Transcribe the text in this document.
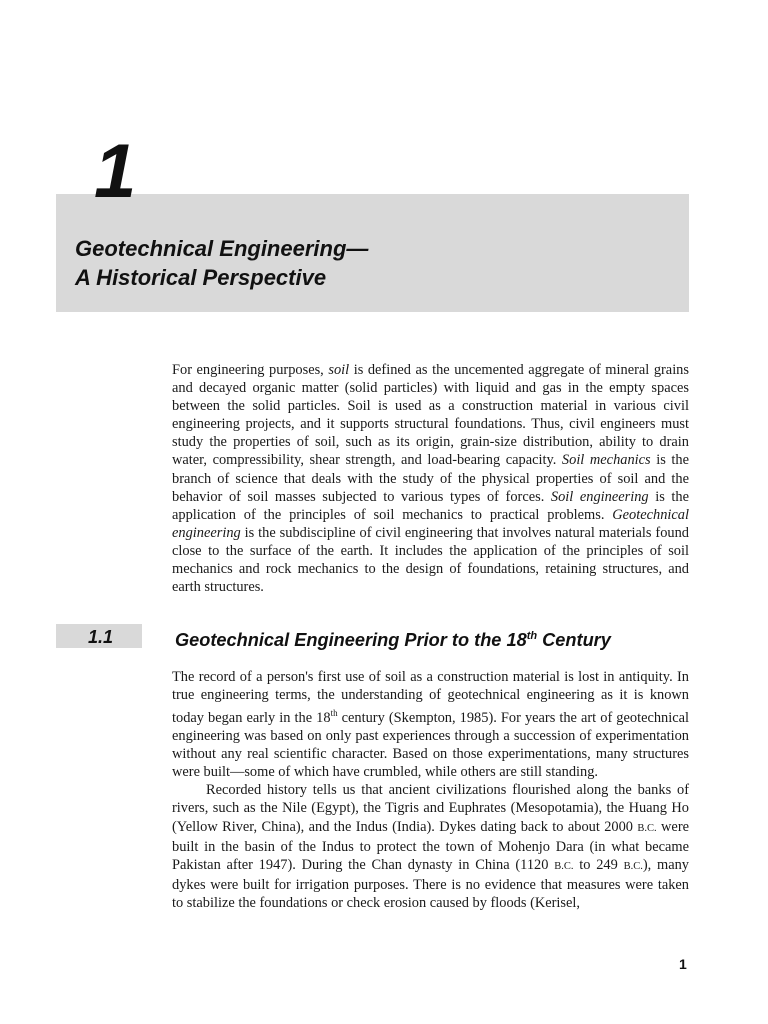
1
Geotechnical Engineering—
A Historical Perspective

For engineering purposes, soil is defined as the uncemented aggregate of mineral grains and decayed organic matter (solid particles) with liquid and gas in the empty spaces between the solid particles. Soil is used as a construction material in various civil engineering projects, and it supports structural foundations. Thus, civil engineers must study the properties of soil, such as its origin, grain-size distribution, ability to drain water, compressibility, shear strength, and load-bearing capacity. Soil mechanics is the branch of science that deals with the study of the physical properties of soil and the behavior of soil masses subjected to various types of forces. Soil engineering is the application of the principles of soil mechanics to practical problems. Geotechnical engineering is the subdiscipline of civil engineering that involves natural materials found close to the surface of the earth. It includes the application of the principles of soil mechanics and rock mechanics to the design of foundations, retaining structures, and earth structures.

1.1	Geotechnical Engineering Prior to the 18th Century

The record of a person's first use of soil as a construction material is lost in antiquity. In true engineering terms, the understanding of geotechnical engineering as it is known today began early in the 18th century (Skempton, 1985). For years the art of geotechnical engineering was based on only past experiences through a succession of experimentation without any real scientific character. Based on those experimentations, many structures were built—some of which have crumbled, while others are still standing.

Recorded history tells us that ancient civilizations flourished along the banks of rivers, such as the Nile (Egypt), the Tigris and Euphrates (Mesopotamia), the Huang Ho (Yellow River, China), and the Indus (India). Dykes dating back to about 2000 B.C. were built in the basin of the Indus to protect the town of Mohenjo Dara (in what became Pakistan after 1947). During the Chan dynasty in China (1120 B.C. to 249 B.C.), many dykes were built for irrigation purposes. There is no evidence that measures were taken to stabilize the foundations or check erosion caused by floods (Kerisel,

1
